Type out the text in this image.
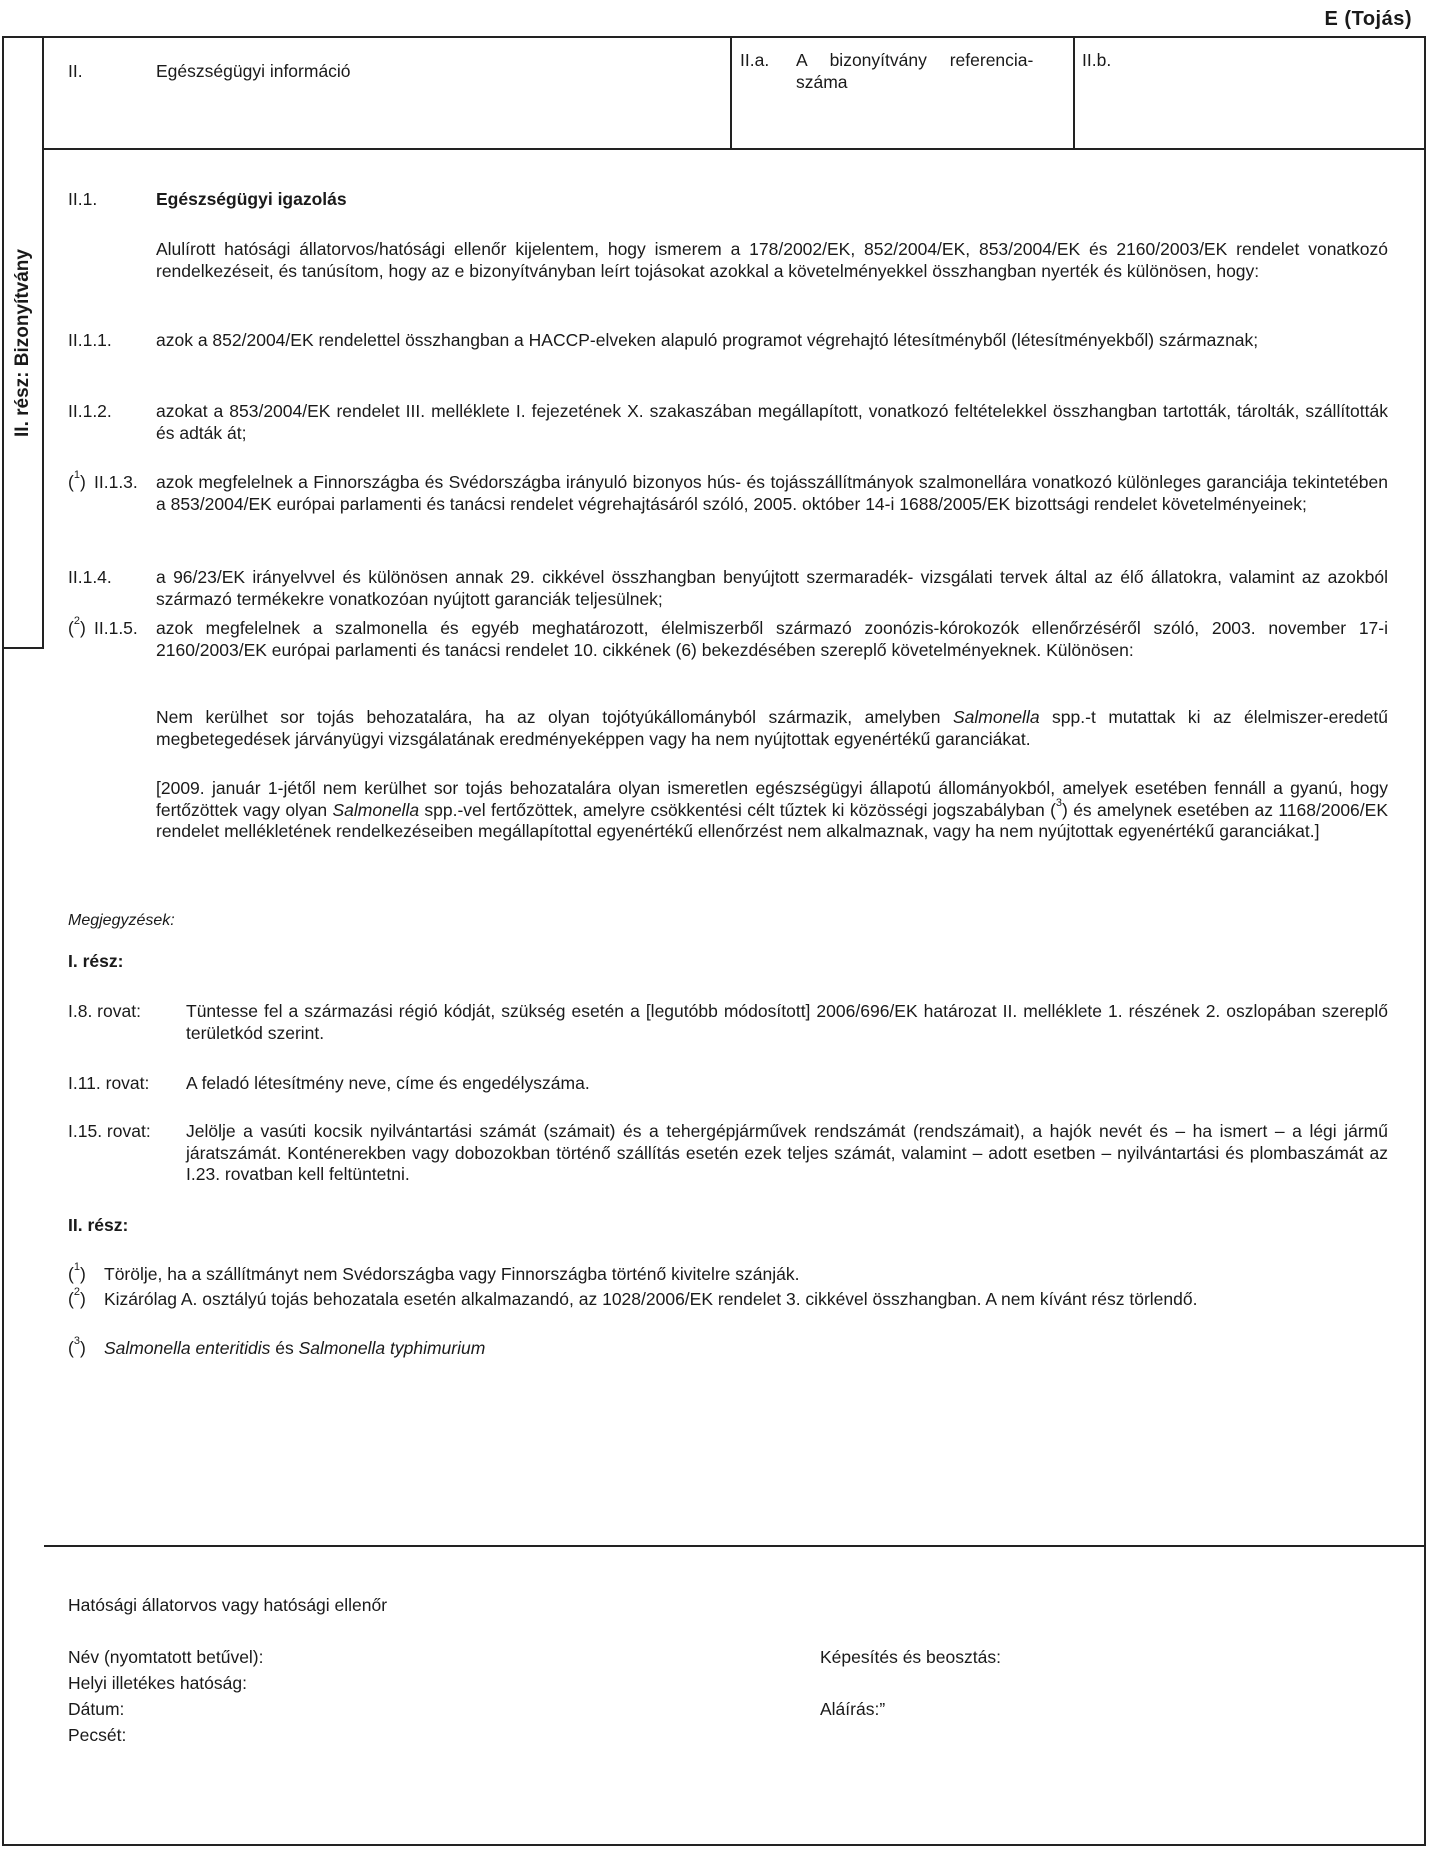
E (Tojás)
II. rész: Bizonyítvány
II.	Egészségügyi információ
II.a. A bizonyítvány referencia-
száma
II.b.
II.1.	Egészségügyi igazolás
Alulírott hatósági állatorvos/hatósági ellenőr kijelentem, hogy ismerem a 178/2002/EK, 852/2004/EK, 853/2004/EK és 2160/2003/EK rendelet vonatkozó rendelkezéseit, és tanúsítom, hogy az e bizonyítványban leírt tojásokat azokkal a követelményekkel összhangban nyerték és különösen, hogy:
II.1.1.	azok a 852/2004/EK rendelettel összhangban a HACCP-elveken alapuló programot végrehajtó létesítményből (létesítményekből) származnak;
II.1.2.	azokat a 853/2004/EK rendelet III. melléklete I. fejezetének X. szakaszában megállapított, vonatkozó feltételekkel összhangban tartották, tárolták, szállították és adták át;
($^1$) II.1.3. azok megfelelnek a Finnországba és Svédországba irányuló bizonyos hús- és tojásszállítmányok szalmonellára vonatkozó különleges garanciája tekintetében a 853/2004/EK európai parlamenti és tanácsi rendelet végrehajtásáról szóló, 2005. október 14-i 1688/2005/EK bizottsági rendelet követelményeinek;
II.1.4.	a 96/23/EK irányelvvel és különösen annak 29. cikkével összhangban benyújtott szermaradék- vizsgálati tervek által az élő állatokra, valamint az azokból származó termékekre vonatkozóan nyújtott garanciák teljesülnek;
($^2$) II.1.5. azok megfelelnek a szalmonella és egyéb meghatározott, élelmiszerből származó zoonózis-kórokozók ellenőrzéséről szóló, 2003. november 17-i 2160/2003/EK európai parlamenti és tanácsi rendelet 10. cikkének (6) bekezdésében szereplő követelményeknek. Különösen:
Nem kerülhet sor tojás behozatalára, ha az olyan tojótyúkállományból származik, amelyben Salmonella spp.-t mutattak ki az élelmiszer-eredetű megbetegedések járványügyi vizsgálatának eredményeképpen vagy ha nem nyújtottak egyenértékű garanciákat.
[2009. január 1-jétől nem kerülhet sor tojás behozatalára olyan ismeretlen egészségügyi állapotú állományokból, amelyek esetében fennáll a gyanú, hogy fertőzöttek vagy olyan Salmonella spp.-vel fertőzöttek, amelyre csökkentési célt tűztek ki közösségi jogszabályban ($^3$) és amelynek esetében az 1168/2006/EK rendelet mellékletének rendelkezéseiben megállapítottal egyenértékű ellenőrzést nem alkalmaznak, vagy ha nem nyújtottak egyenértékű garanciákat.]
Megjegyzések:
I. rész:
I.8. rovat:	Tüntesse fel a származási régió kódját, szükség esetén a [legutóbb módosított] 2006/696/EK határozat II. melléklete 1. részének 2. oszlopában szereplő területkód szerint.
I.11. rovat: A feladó létesítmény neve, címe és engedélyszáma.
I.15. rovat: Jelölje a vasúti kocsik nyilvántartási számát (számait) és a tehergépjárművek rendszámát (rendszámait), a hajók nevét és – ha ismert – a légi jármű járatszámát. Konténerekben vagy dobozokban történő szállítás esetén ezek teljes számát, valamint – adott esetben – nyilvántartási és plombaszámát az I.23. rovatban kell feltüntetni.
II. rész:
($^1$) Törölje, ha a szállítmányt nem Svédországba vagy Finnországba történő kivitelre szánják.
($^2$) Kizárólag A. osztályú tojás behozatala esetén alkalmazandó, az 1028/2006/EK rendelet 3. cikkével összhangban. A nem kívánt rész törlendő.
($^3$) Salmonella enteritidis és Salmonella typhimurium
Hatósági állatorvos vagy hatósági ellenőr
Név (nyomtatott betűvel):	Képesítés és beosztás:
Helyi illetékes hatóság:
Dátum:	Aláírás:”
Pecsét:
